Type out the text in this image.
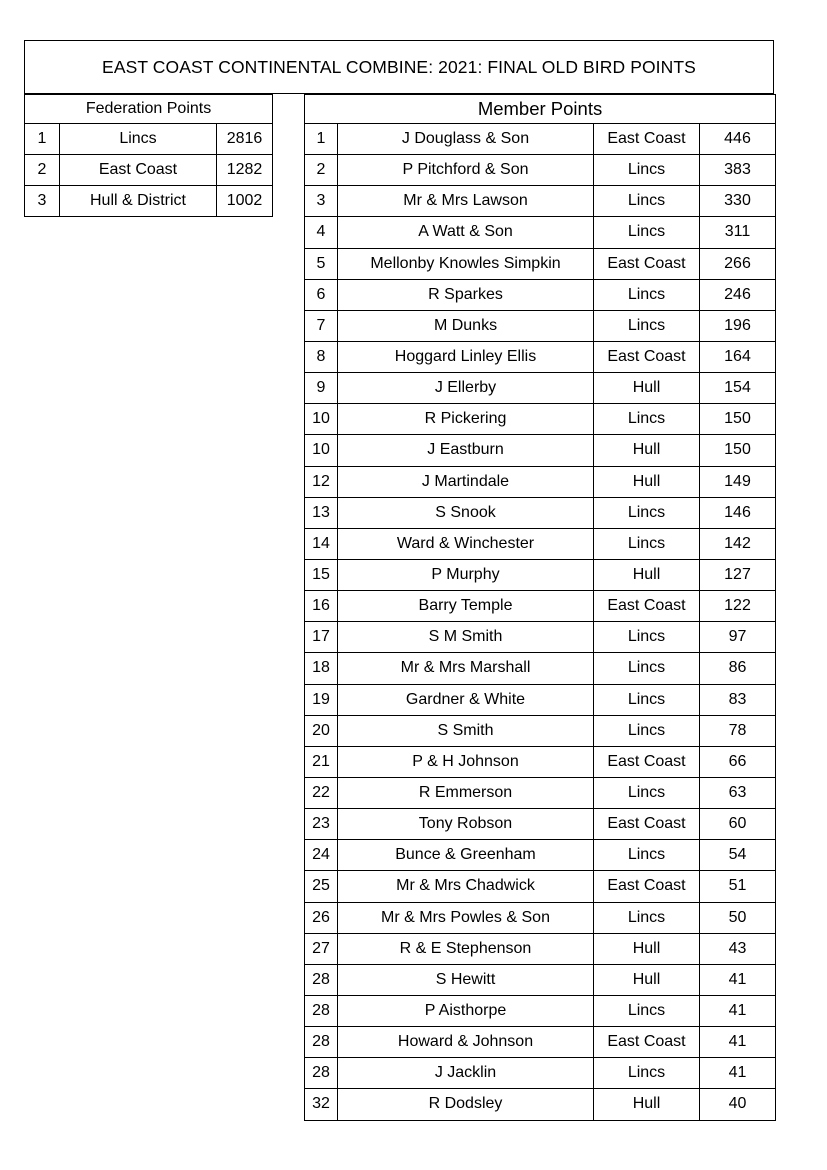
EAST COAST CONTINENTAL COMBINE: 2021: FINAL OLD BIRD POINTS
Federation Points		
1	Lincs	2816
2	East Coast	1282
3	Hull & District	1002
Member Points			
1	J Douglass & Son	East Coast	446
2	P Pitchford & Son	Lincs	383
3	Mr & Mrs Lawson	Lincs	330
4	A Watt & Son	Lincs	311
5	Mellonby Knowles Simpkin	East Coast	266
6	R Sparkes	Lincs	246
7	M Dunks	Lincs	196
8	Hoggard Linley Ellis	East Coast	164
9	J Ellerby	Hull	154
10	R Pickering	Lincs	150
10	J Eastburn	Hull	150
12	J Martindale	Hull	149
13	S Snook	Lincs	146
14	Ward & Winchester	Lincs	142
15	P Murphy	Hull	127
16	Barry Temple	East Coast	122
17	S M Smith	Lincs	97
18	Mr & Mrs Marshall	Lincs	86
19	Gardner & White	Lincs	83
20	S Smith	Lincs	78
21	P & H Johnson	East Coast	66
22	R Emmerson	Lincs	63
23	Tony Robson	East Coast	60
24	Bunce & Greenham	Lincs	54
25	Mr & Mrs Chadwick	East Coast	51
26	Mr & Mrs Powles & Son	Lincs	50
27	R & E Stephenson	Hull	43
28	S Hewitt	Hull	41
28	P Aisthorpe	Lincs	41
28	Howard & Johnson	East Coast	41
28	J Jacklin	Lincs	41
32	R Dodsley	Hull	40
